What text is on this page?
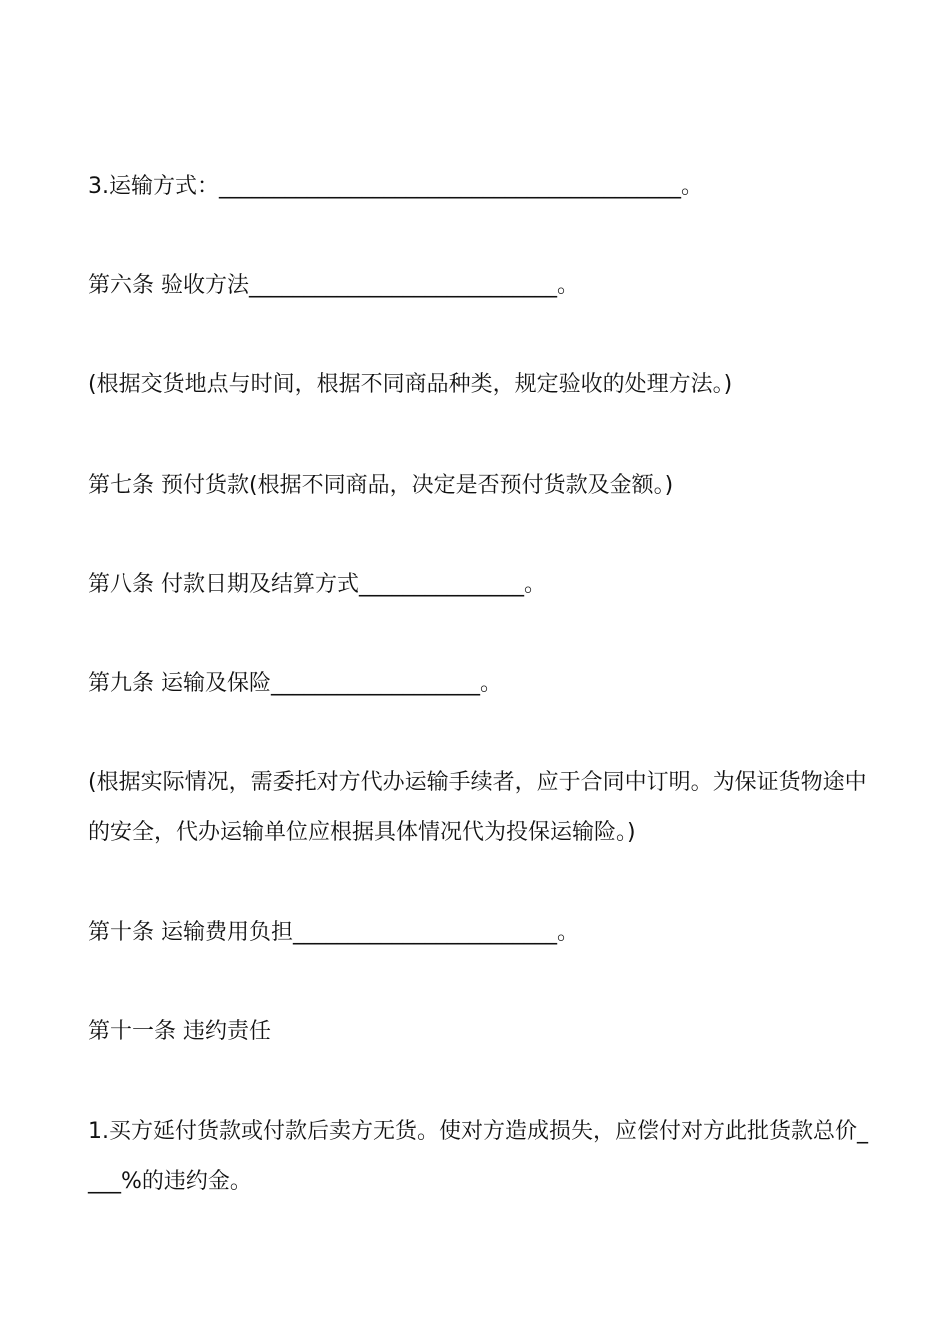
3.运输方式：__________________________________________。
第六条 验收方法____________________________。
(根据交货地点与时间，根据不同商品种类，规定验收的处理方法。)
第七条 预付货款(根据不同商品，决定是否预付货款及金额。)
第八条 付款日期及结算方式_______________。
第九条 运输及保险___________________。
(根据实际情况，需委托对方代办运输手续者，应于合同中订明。为保证货物途中的安全，代办运输单位应根据具体情况代为投保运输险。)
第十条 运输费用负担________________________。
第十一条 违约责任
1.买方延付货款或付款后卖方无货。使对方造成损失，应偿付对方此批货款总价____%的违约金。
